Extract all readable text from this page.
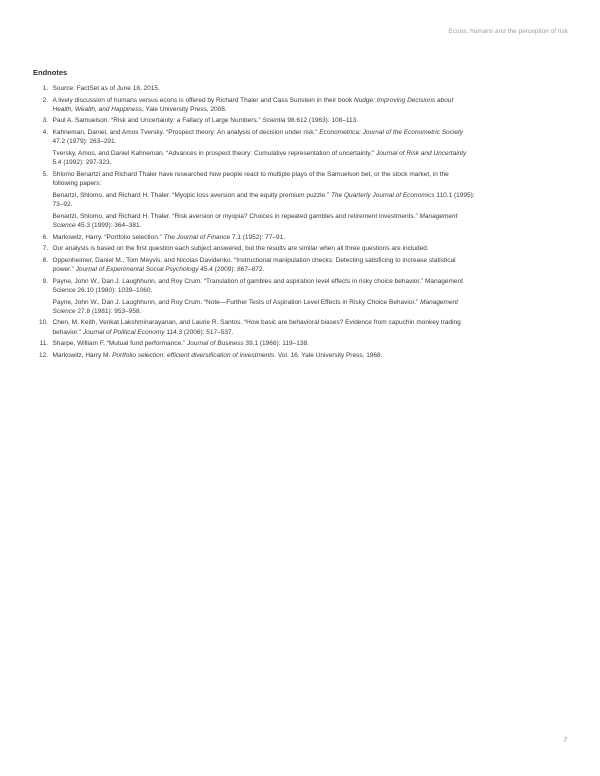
Econs, humans and the perception of risk
Endnotes
1. Source: FactSet as of June 18, 2015.

2. A lively discussion of humans versus econs is offered by Richard Thaler and Cass Sunstein in their book Nudge: Improving Decisions about Health, Wealth, and Happiness, Yale University Press, 2008.

3. Paul A. Samuelson. “Risk and Uncertainty: a Fallacy of Large Numbers.” Scientia 98.612 (1963): 108–113.

4. Kahneman, Daniel, and Amos Tversky. “Prospect theory: An analysis of decision under risk.” Econometrica: Journal of the Econometric Society 47.2 (1979): 263–291.

Tversky, Amos, and Daniel Kahneman. “Advances in prospect theory: Cumulative representation of uncertainty.” Journal of Risk and Uncertainty 5.4 (1992): 297-323.

5. Shlomo Benartzi and Richard Thaler have researched how people react to multiple plays of the Samuelson bet, or the stock market, in the following papers:

Benartzi, Shlomo, and Richard H. Thaler. “Myopic loss aversion and the equity premium puzzle.” The Quarterly Journal of Economics 110.1 (1995): 73–92.

Benartzi, Shlomo, and Richard H. Thaler. “Risk aversion or myopia? Choices in repeated gambles and retirement investments.” Management Science 45.3 (1999): 364–381.

6. Markowitz, Harry. “Portfolio selection.” The Journal of Finance 7.1 (1952): 77–91.

7. Our analysis is based on the first question each subject answered, but the results are similar when all three questions are included.

8. Oppenheimer, Daniel M., Tom Meyvis, and Nicolas Davidenko. “Instructional manipulation checks: Detecting satisficing to increase statistical power.” Journal of Experimental Social Psychology 45.4 (2009): 867–872.

9. Payne, John W., Dan J. Laughhunn, and Roy Crum. “Translation of gambles and aspiration level effects in risky choice behavior.” Management Science 26.10 (1980): 1039–1060.

Payne, John W., Dan J. Laughhunn, and Roy Crum. “Note—Further Tests of Aspiration Level Effects in Risky Choice Behavior.” Management Science 27.8 (1981): 953–958.

10. Chen, M. Keith, Venkat Lakshminarayanan, and Laurie R. Santos. “How basic are behavioral biases? Evidence from capuchin monkey trading behavior.” Journal of Political Economy 114.3 (2006): 517–537.

11. Sharpe, William F. “Mutual fund performance.” Journal of Business 39.1 (1966): 119–138.

12. Markowitz, Harry M. Portfolio selection: efficient diversification of investments. Vol. 16. Yale University Press, 1968.

7
